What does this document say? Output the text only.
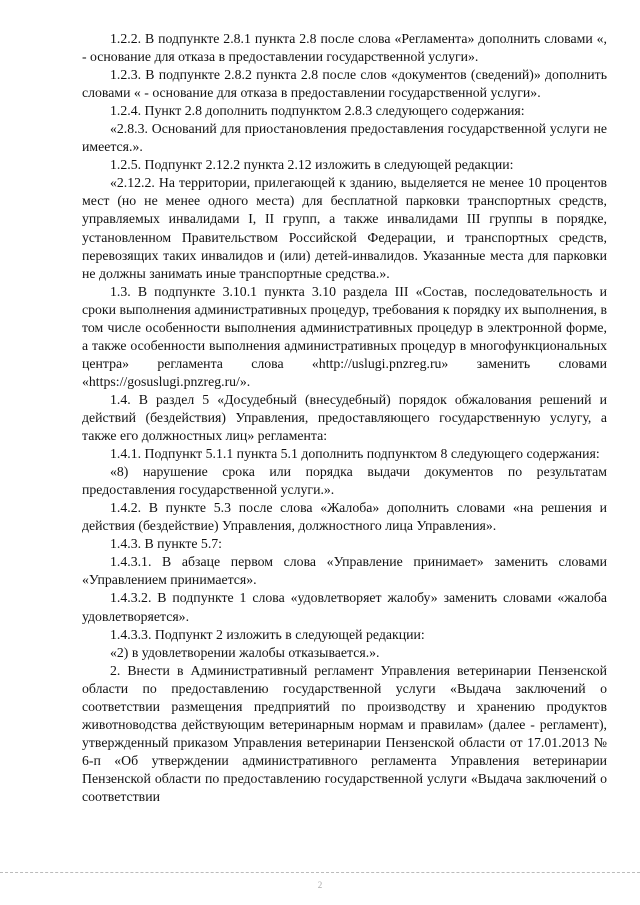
1.2.2. В подпункте 2.8.1 пункта 2.8 после слова «Регламента» дополнить словами «, - основание для отказа в предоставлении государственной услуги».

1.2.3. В подпункте 2.8.2 пункта 2.8 после слов «документов (сведений)» дополнить словами « - основание для отказа в предоставлении государственной услуги».

1.2.4. Пункт 2.8 дополнить подпунктом 2.8.3 следующего содержания:

«2.8.3. Оснований для приостановления предоставления государственной услуги не имеется.».

1.2.5. Подпункт 2.12.2 пункта 2.12 изложить в следующей редакции:

«2.12.2. На территории, прилегающей к зданию, выделяется не менее 10 процентов мест (но не менее одного места) для бесплатной парковки транспортных средств, управляемых инвалидами I, II групп, а также инвалидами III группы в порядке, установленном Правительством Российской Федерации, и транспортных средств, перевозящих таких инвалидов и (или) детей-инвалидов. Указанные места для парковки не должны занимать иные транспортные средства.».

1.3. В подпункте 3.10.1 пункта 3.10 раздела III «Состав, последовательность и сроки выполнения административных процедур, требования к порядку их выполнения, в том числе особенности выполнения административных процедур в электронной форме, а также особенности выполнения административных процедур в многофункциональных центра» регламента слова «http://uslugi.pnzreg.ru» заменить словами «https://gosuslugi.pnzreg.ru/».

1.4. В раздел 5 «Досудебный (внесудебный) порядок обжалования решений и действий (бездействия) Управления, предоставляющего государственную услугу, а также его должностных лиц» регламента:

1.4.1. Подпункт 5.1.1 пункта 5.1 дополнить подпунктом 8 следующего содержания:

«8) нарушение срока или порядка выдачи документов по результатам предоставления государственной услуги.».

1.4.2. В пункте 5.3 после слова «Жалоба» дополнить словами «на решения и действия (бездействие) Управления, должностного лица Управления».

1.4.3. В пункте 5.7:

1.4.3.1. В абзаце первом слова «Управление принимает» заменить словами «Управлением принимается».

1.4.3.2. В подпункте 1 слова «удовлетворяет жалобу» заменить словами «жалоба удовлетворяется».

1.4.3.3. Подпункт 2 изложить в следующей редакции:

«2) в удовлетворении жалобы отказывается.».

2. Внести в Административный регламент Управления ветеринарии Пензенской области по предоставлению государственной услуги «Выдача заключений о соответствии размещения предприятий по производству и хранению продуктов животноводства действующим ветеринарным нормам и правилам» (далее - регламент), утвержденный приказом Управления ветеринарии Пензенской области от 17.01.2013 № 6-п «Об утверждении административного регламента Управления ветеринарии Пензенской области по предоставлению государственной услуги «Выдача заключений о соответствии

2
